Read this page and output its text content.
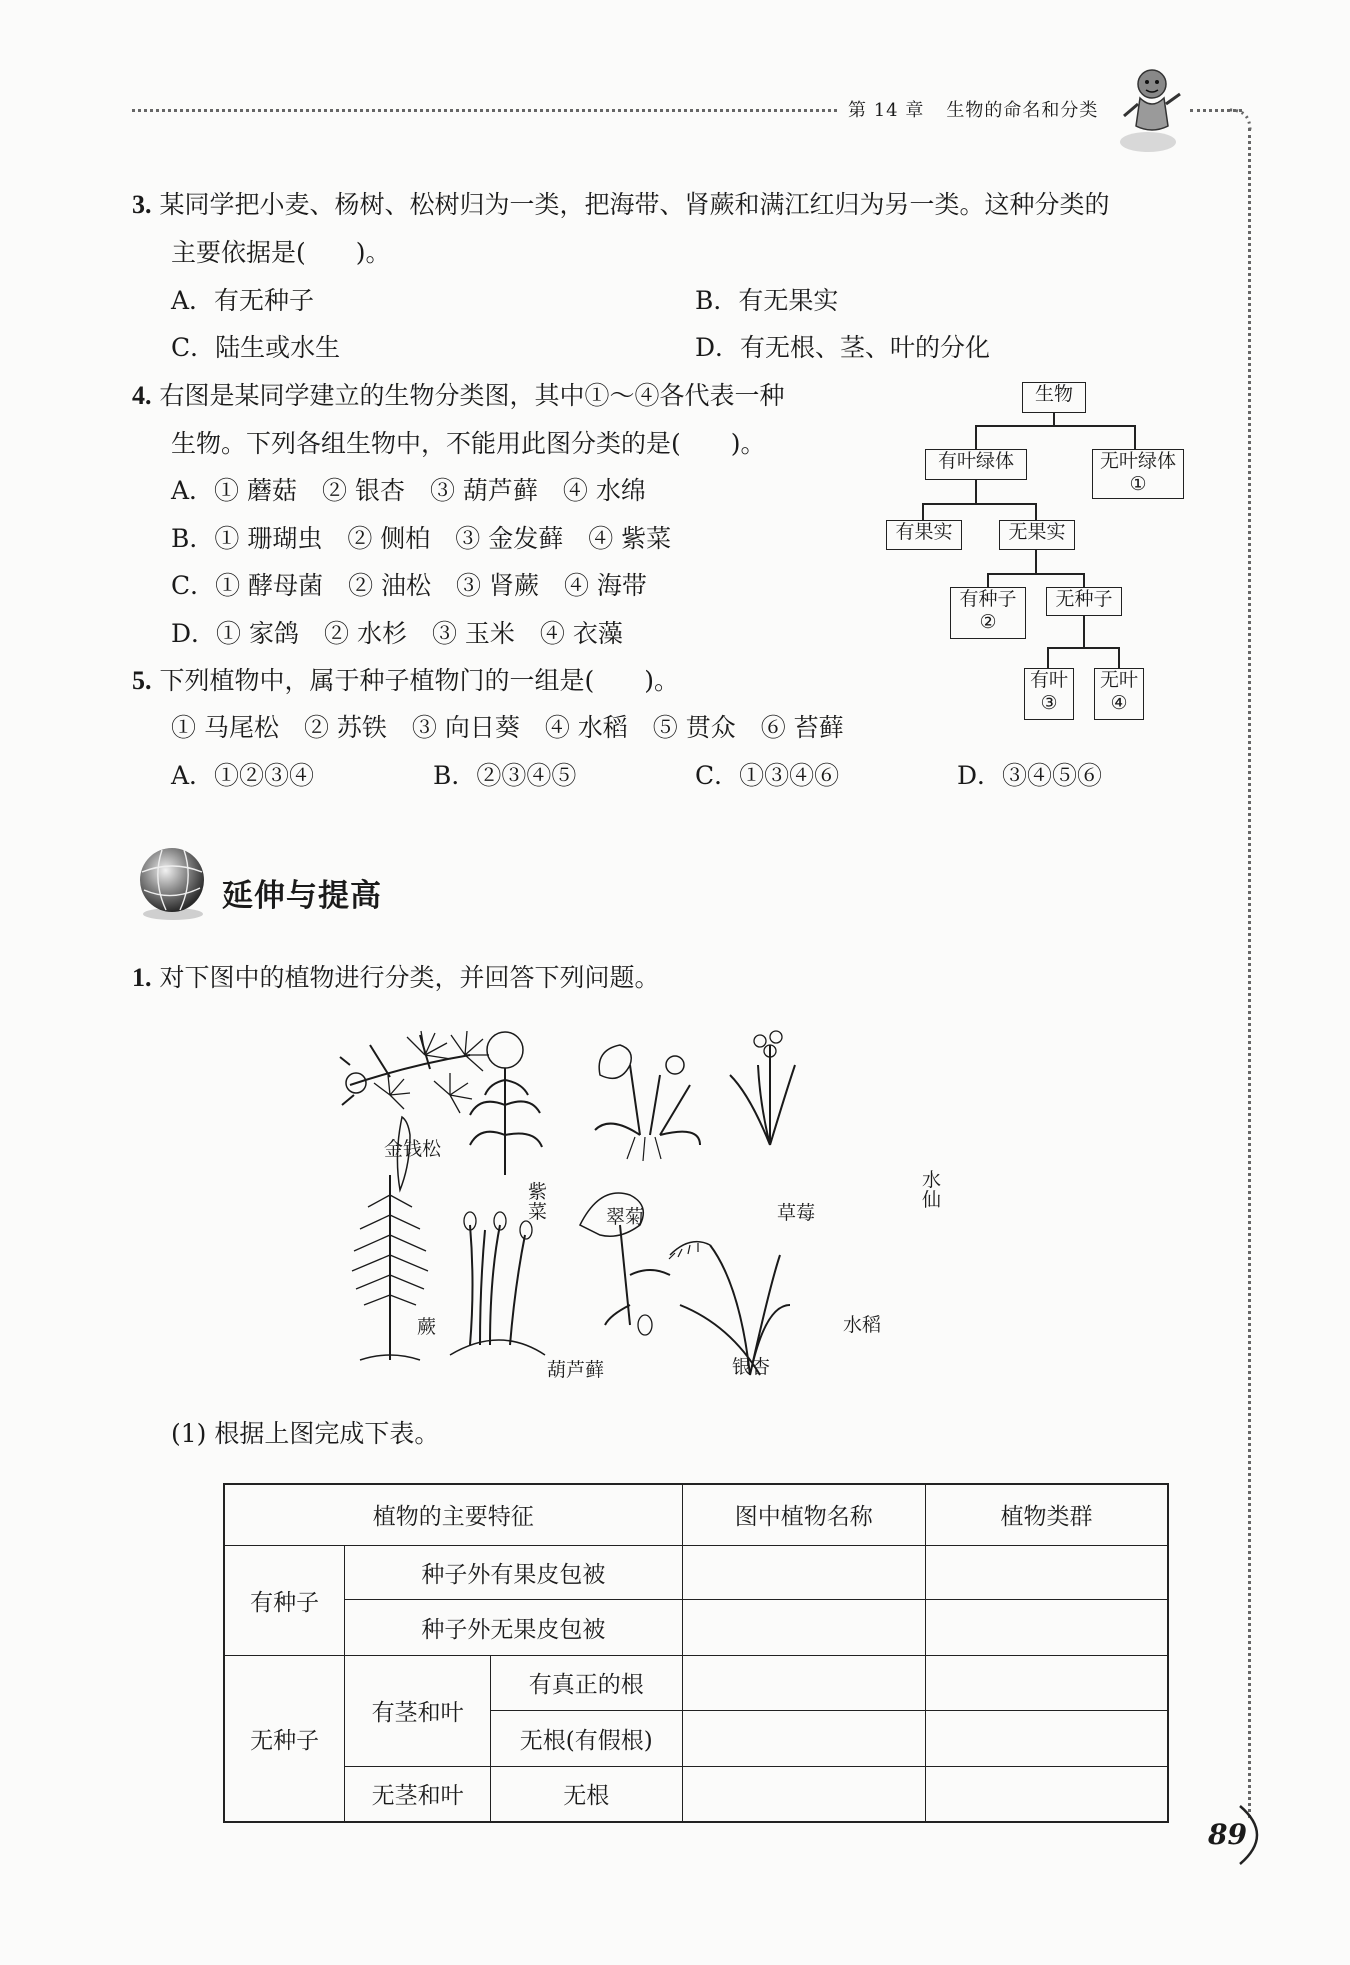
第 14 章 生物的命名和分类
3. 某同学把小麦、杨树、松树归为一类，把海带、肾蕨和满江红归为另一类。这种分类的
主要依据是(　　)。
A．有无种子	B．有无果实
C．陆生或水生	D．有无根、茎、叶的分化
4. 右图是某同学建立的生物分类图，其中①～④各代表一种
生物。下列各组生物中，不能用此图分类的是(　　)。
A．① 蘑菇　② 银杏　③ 葫芦藓　④ 水绵
B．① 珊瑚虫　② 侧柏　③ 金发藓　④ 紫菜
C．① 酵母菌　② 油松　③ 肾蕨　④ 海带
D．① 家鸽　② 水杉　③ 玉米　④ 衣藻
生物
有叶绿体	无叶绿体
①
有果实	无果实
有种子
②
无种子
有叶
③
无叶
④
5. 下列植物中，属于种子植物门的一组是(　　)。
① 马尾松　② 苏铁　③ 向日葵　④ 水稻　⑤ 贯众　⑥ 苔藓
A．①②③④	B．②③④⑤	C．①③④⑥	D．③④⑤⑥
延伸与提高
1. 对下图中的植物进行分类，并回答下列问题。
金钱松
紫菜	翠菊	草莓
水仙
蕨
葫芦藓	银杏
水稻
(1) 根据上图完成下表。
植物的主要特征			图中植物名称	植物类群
有种子	种子外有果皮包被			
	种子外无果皮包被			
无种子	有茎和叶	有真正的根		
		无根(有假根)		
	无茎和叶	无根		
89
